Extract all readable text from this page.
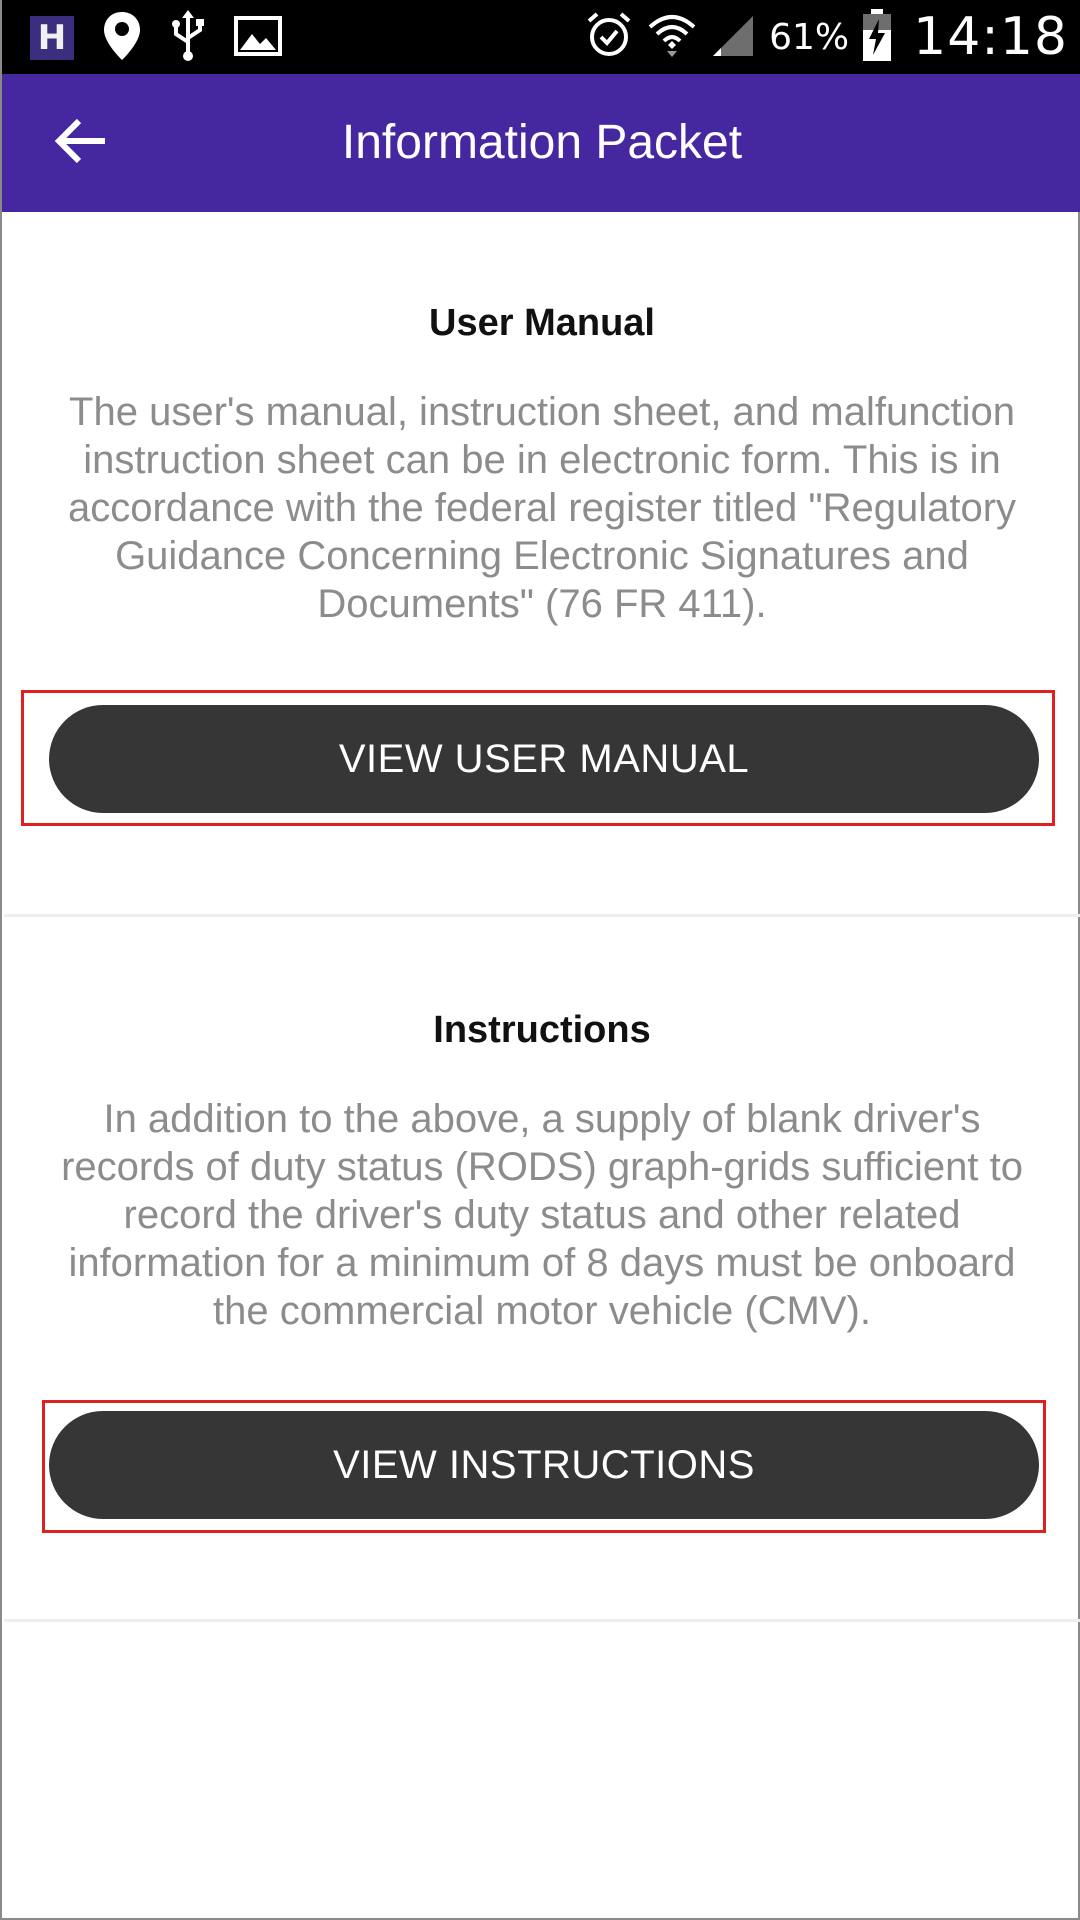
H	61% 14:18
Information Packet
User Manual
The user's manual, instruction sheet, and malfunction instruction sheet can be in electronic form. This is in accordance with the federal register titled "Regulatory Guidance Concerning Electronic Signatures and Documents" (76 FR 411).
VIEW USER MANUAL
Instructions
In addition to the above, a supply of blank driver's records of duty status (RODS) graph-grids sufficient to record the driver's duty status and other related information for a minimum of 8 days must be onboard the commercial motor vehicle (CMV).
VIEW INSTRUCTIONS
